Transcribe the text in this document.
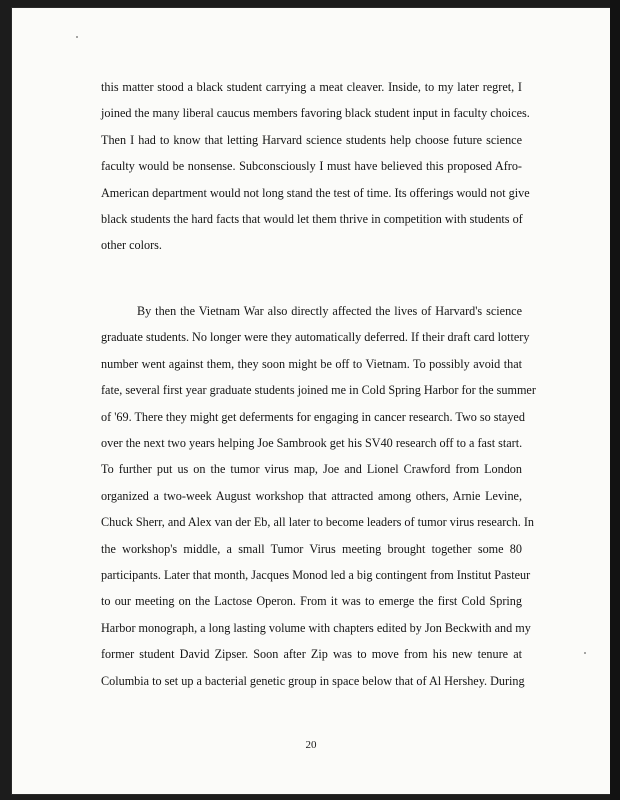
this matter stood a black student carrying a meat cleaver. Inside, to my later regret, I
joined the many liberal caucus members favoring black student input in faculty choices.
Then I had to know that letting Harvard science students help choose future science
faculty would be nonsense. Subconsciously I must have believed this proposed Afro-
American department would not long stand the test of time. Its offerings would not give
black students the hard facts that would let them thrive in competition with students of
other colors.
By then the Vietnam War also directly affected the lives of Harvard's science
graduate students. No longer were they automatically deferred. If their draft card lottery
number went against them, they soon might be off to Vietnam. To possibly avoid that
fate, several first year graduate students joined me in Cold Spring Harbor for the summer
of '69. There they might get deferments for engaging in cancer research. Two so stayed
over the next two years helping Joe Sambrook get his SV40 research off to a fast start.
To further put us on the tumor virus map, Joe and Lionel Crawford from London
organized a two-week August workshop that attracted among others, Arnie Levine,
Chuck Sherr, and Alex van der Eb, all later to become leaders of tumor virus research. In
the workshop's middle, a small Tumor Virus meeting brought together some 80
participants. Later that month, Jacques Monod led a big contingent from Institut Pasteur
to our meeting on the Lactose Operon. From it was to emerge the first Cold Spring
Harbor monograph, a long lasting volume with chapters edited by Jon Beckwith and my
former student David Zipser. Soon after Zip was to move from his new tenure at
Columbia to set up a bacterial genetic group in space below that of Al Hershey. During
20
